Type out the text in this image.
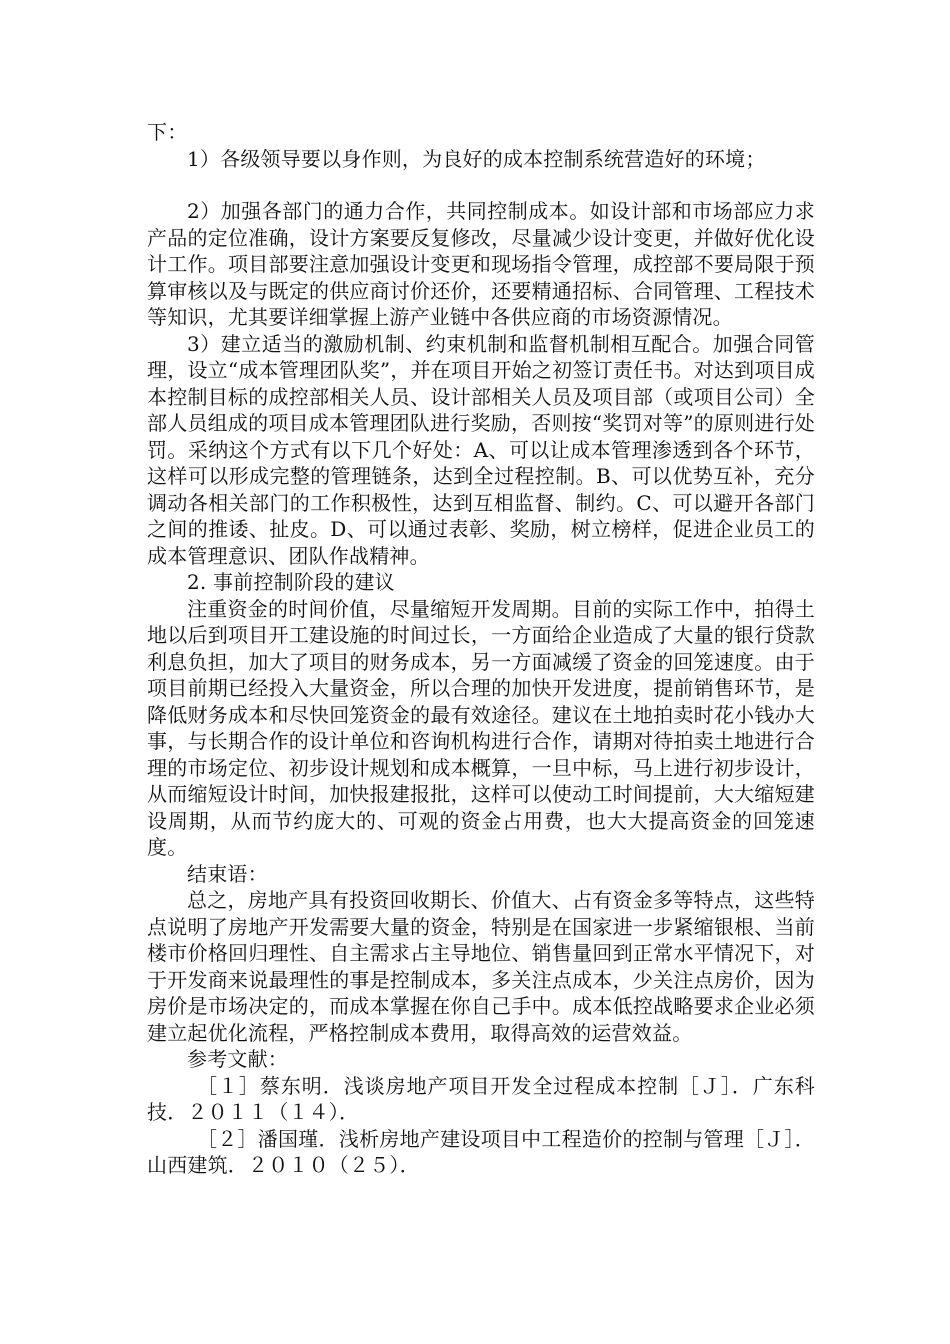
下：

1）各级领导要以身作则，为良好的成本控制系统营造好的环境；

2）加强各部门的通力合作，共同控制成本。如设计部和市场部应力求产品的定位准确，设计方案要反复修改，尽量减少设计变更，并做好优化设计工作。项目部要注意加强设计变更和现场指令管理，成控部不要局限于预算审核以及与既定的供应商讨价还价，还要精通招标、合同管理、工程技术等知识，尤其要详细掌握上游产业链中各供应商的市场资源情况。

3）建立适当的激励机制、约束机制和监督机制相互配合。加强合同管理，设立“成本管理团队奖”，并在项目开始之初签订责任书。对达到项目成本控制目标的成控部相关人员、设计部相关人员及项目部（或项目公司）全部人员组成的项目成本管理团队进行奖励，否则按“奖罚对等”的原则进行处罚。采纳这个方式有以下几个好处：A、可以让成本管理渗透到各个环节，这样可以形成完整的管理链条，达到全过程控制。B、可以优势互补，充分调动各相关部门的工作积极性，达到互相监督、制约。C、可以避开各部门之间的推诿、扯皮。D、可以通过表彰、奖励，树立榜样，促进企业员工的成本管理意识、团队作战精神。

2. 事前控制阶段的建议

注重资金的时间价值，尽量缩短开发周期。目前的实际工作中，拍得土地以后到项目开工建设施的时间过长，一方面给企业造成了大量的银行贷款利息负担，加大了项目的财务成本，另一方面减缓了资金的回笼速度。由于项目前期已经投入大量资金，所以合理的加快开发进度，提前销售环节，是降低财务成本和尽快回笼资金的最有效途径。建议在土地拍卖时花小钱办大事，与长期合作的设计单位和咨询机构进行合作，请期对待拍卖土地进行合理的市场定位、初步设计规划和成本概算，一旦中标，马上进行初步设计，从而缩短设计时间，加快报建报批，这样可以使动工时间提前，大大缩短建设周期，从而节约庞大的、可观的资金占用费，也大大提高资金的回笼速度。

结束语：

总之，房地产具有投资回收期长、价值大、占有资金多等特点，这些特点说明了房地产开发需要大量的资金，特别是在国家进一步紧缩银根、当前楼市价格回归理性、自主需求占主导地位、销售量回到正常水平情况下，对于开发商来说最理性的事是控制成本，多关注点成本，少关注点房价，因为房价是市场决定的，而成本掌握在你自己手中。成本低控战略要求企业必须建立起优化流程，严格控制成本费用，取得高效的运营效益。

参考文献：

［１］蔡东明．浅谈房地产项目开发全过程成本控制［Ｊ］．广东科技．２０１１（１４）．

［２］潘国瑾．浅析房地产建设项目中工程造价的控制与管理［Ｊ］．山西建筑．２０１０（２５）．
